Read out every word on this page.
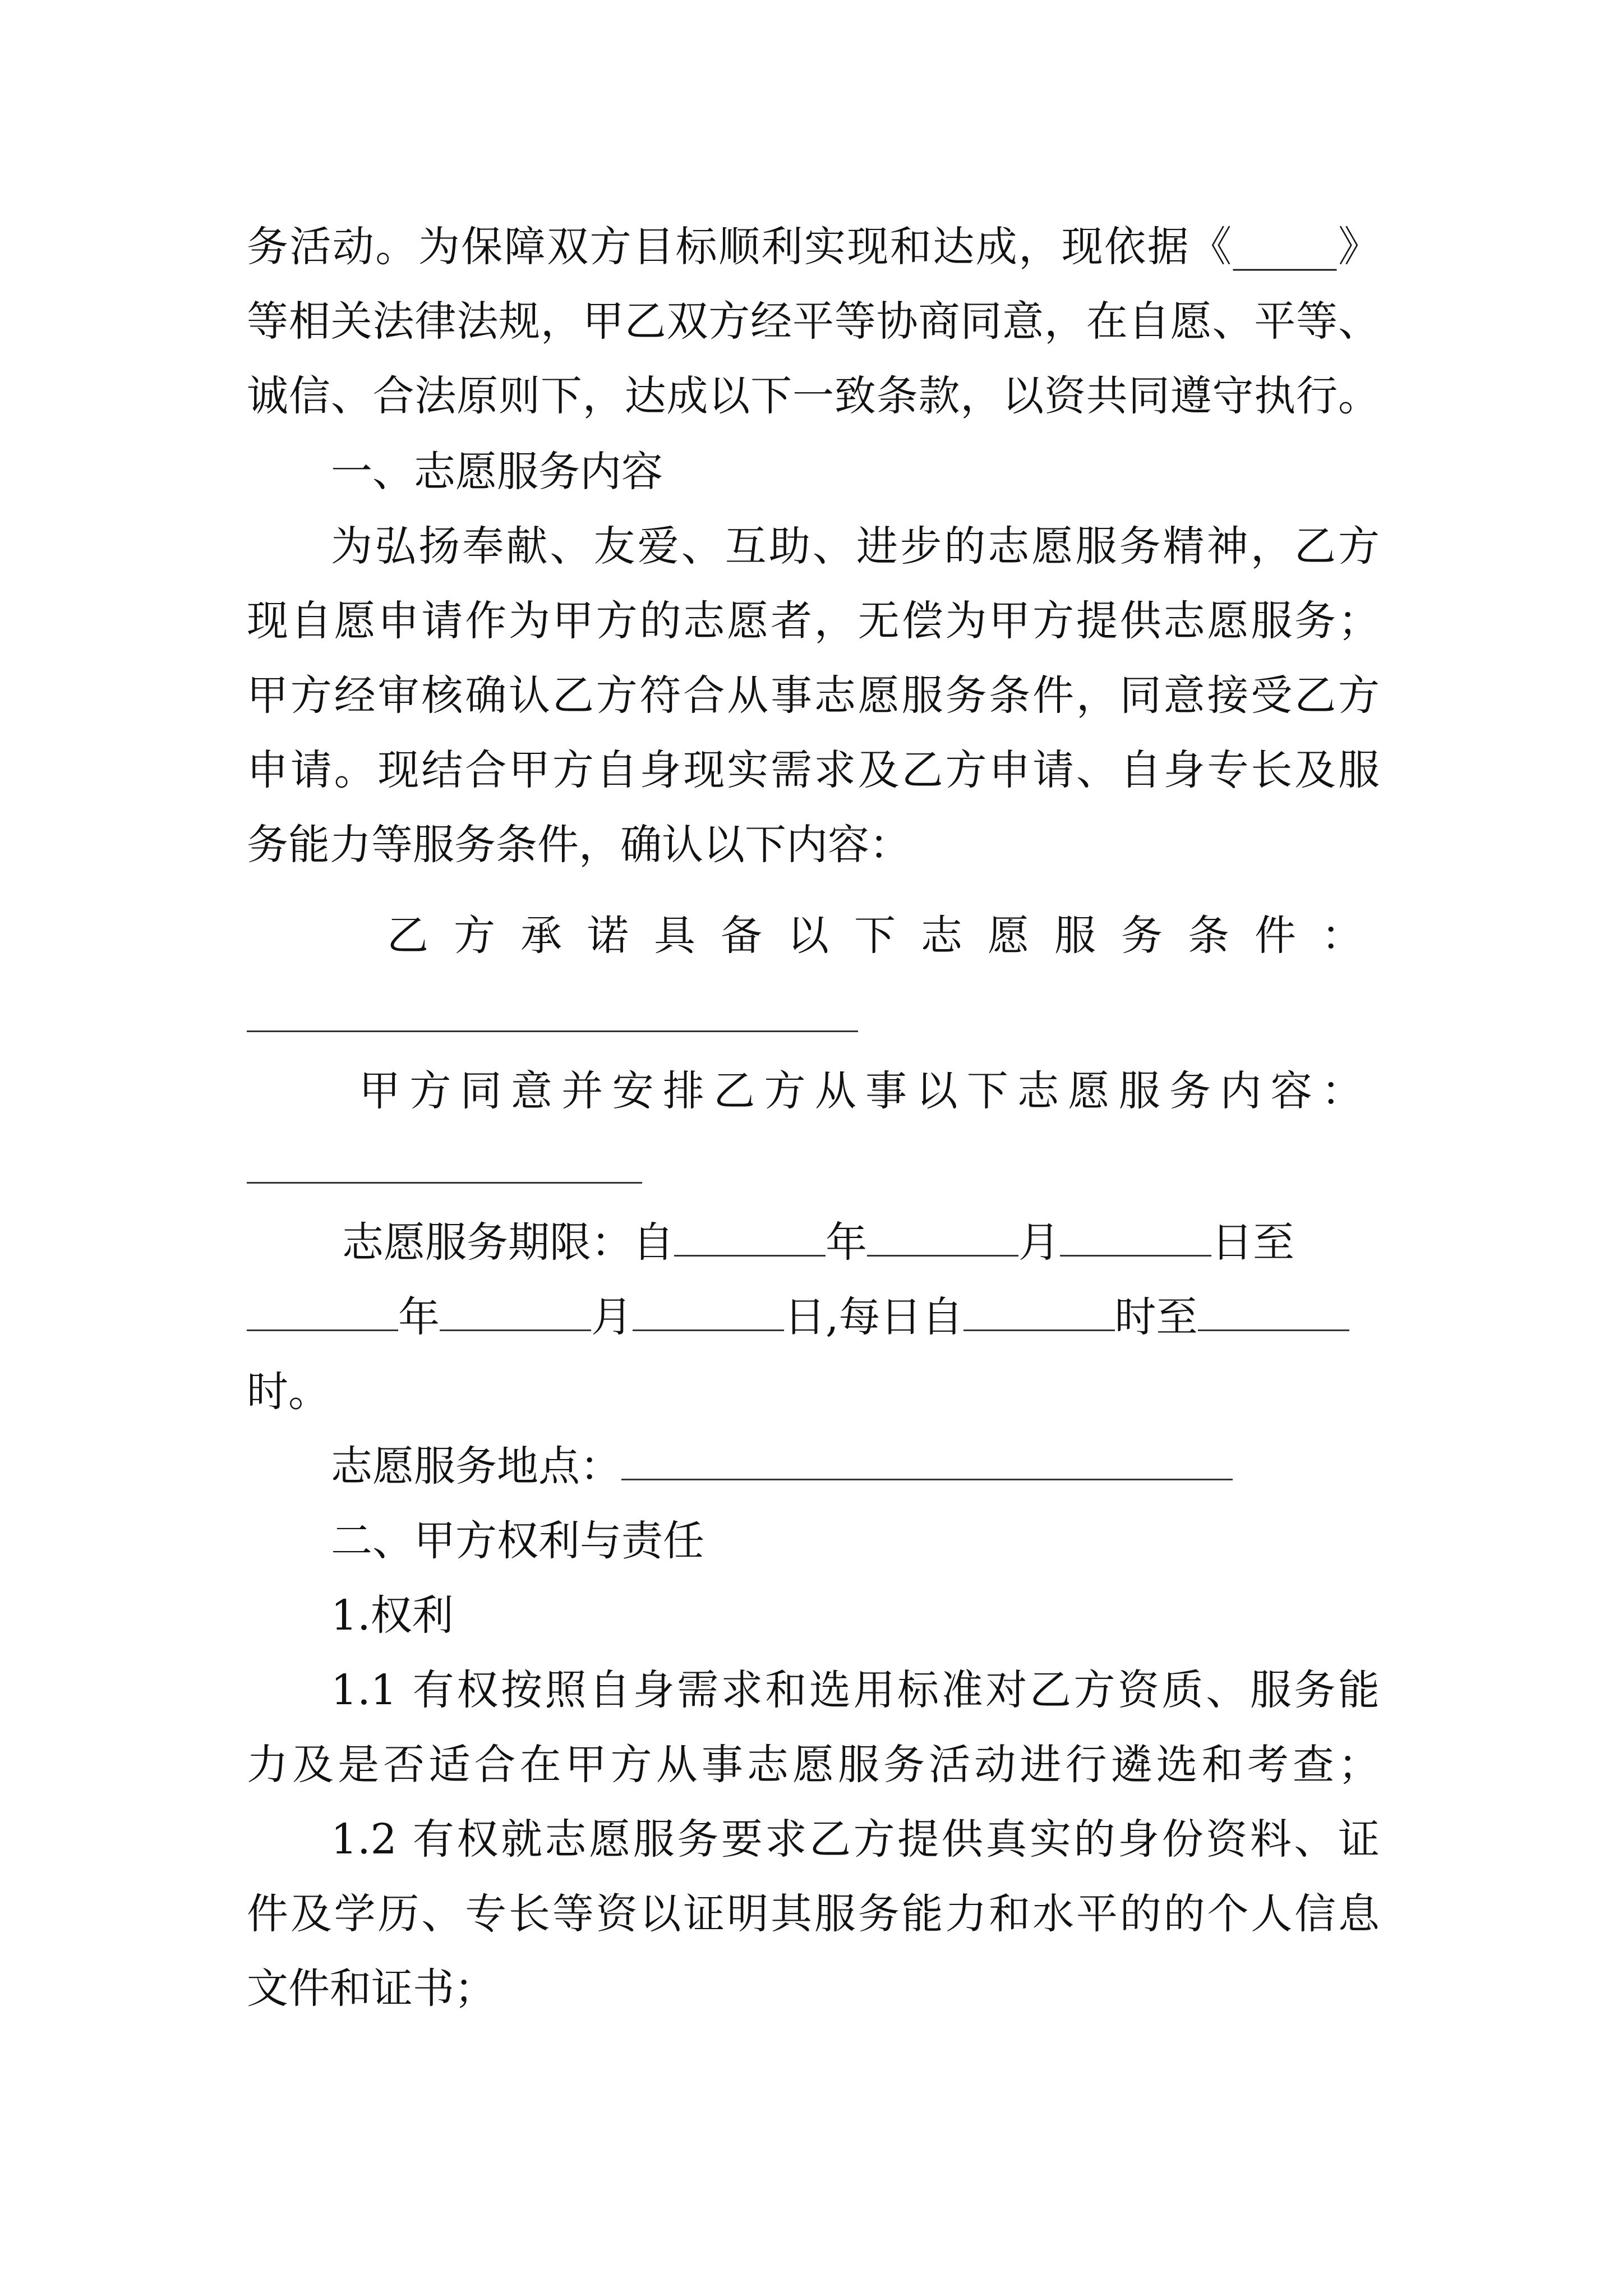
务活动。为保障双方目标顺利实现和达成，现依据《_____》
等相关法律法规，甲乙双方经平等协商同意，在自愿、平等、
诚信、合法原则下，达成以下一致条款，以资共同遵守执行。
一、志愿服务内容
为弘扬奉献、友爱、互助、进步的志愿服务精神，乙方
现自愿申请作为甲方的志愿者，无偿为甲方提供志愿服务；
甲方经审核确认乙方符合从事志愿服务条件，同意接受乙方
申请。现结合甲方自身现实需求及乙方申请、自身专长及服
务能力等服务条件，确认以下内容：
乙方承诺具备以下志愿服务条件：
甲方同意并安排乙方从事以下志愿服务内容：
志愿服务期限：自	年	月	日至
年	月	日,每日自	时至
时。
志愿服务地点：
二、甲方权利与责任
1.权利
1.1 有权按照自身需求和选用标准对乙方资质、服务能
力及是否适合在甲方从事志愿服务活动进行遴选和考查；
1.2 有权就志愿服务要求乙方提供真实的身份资料、证
件及学历、专长等资以证明其服务能力和水平的的个人信息
文件和证书；
